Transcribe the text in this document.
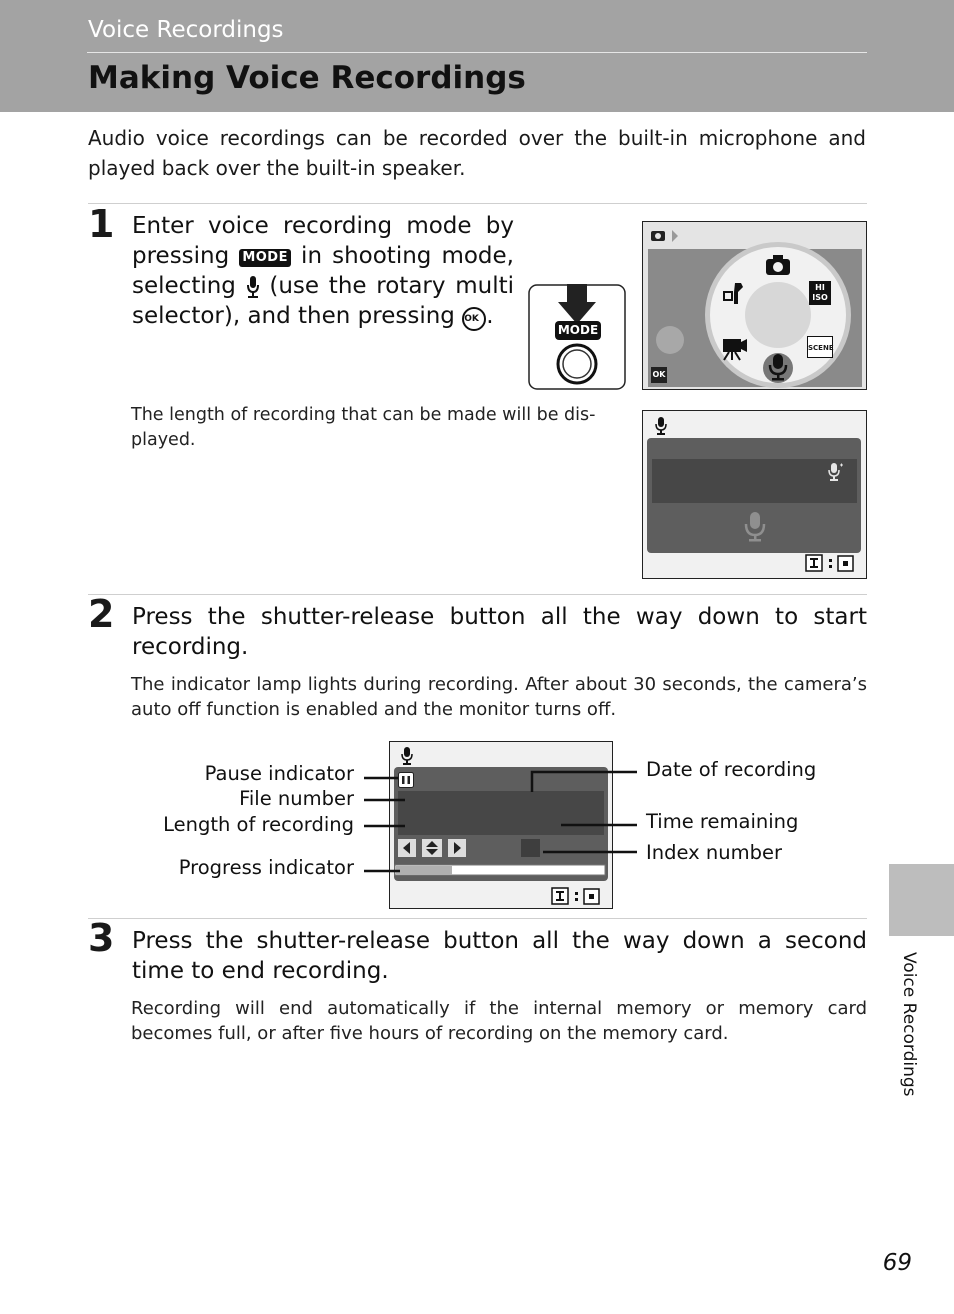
Voice Recordings
Making Voice Recordings
Audio voice recordings can be recorded over the built-in microphone and played back over the built-in speaker.
1 Enter voice recording mode by pressing MODE in shooting mode, selecting  (use the rotary multi selector), and then pressing OK .
MODE
HI ISO
SCENE
OK
The length of recording that can be made will be dis-played.
2 Press the shutter-release button all the way down to start recording.
The indicator lamp lights during recording. After about 30 seconds, the camera’s auto off function is enabled and the monitor turns off.
Pause indicator
File number
Length of recording
Progress indicator
Date of recording
Time remaining
Index number
3 Press the shutter-release button all the way down a second time to end recording.
Recording will end automatically if the internal memory or memory card becomes full, or after five hours of recording on the memory card.	Voice Recordings
69
